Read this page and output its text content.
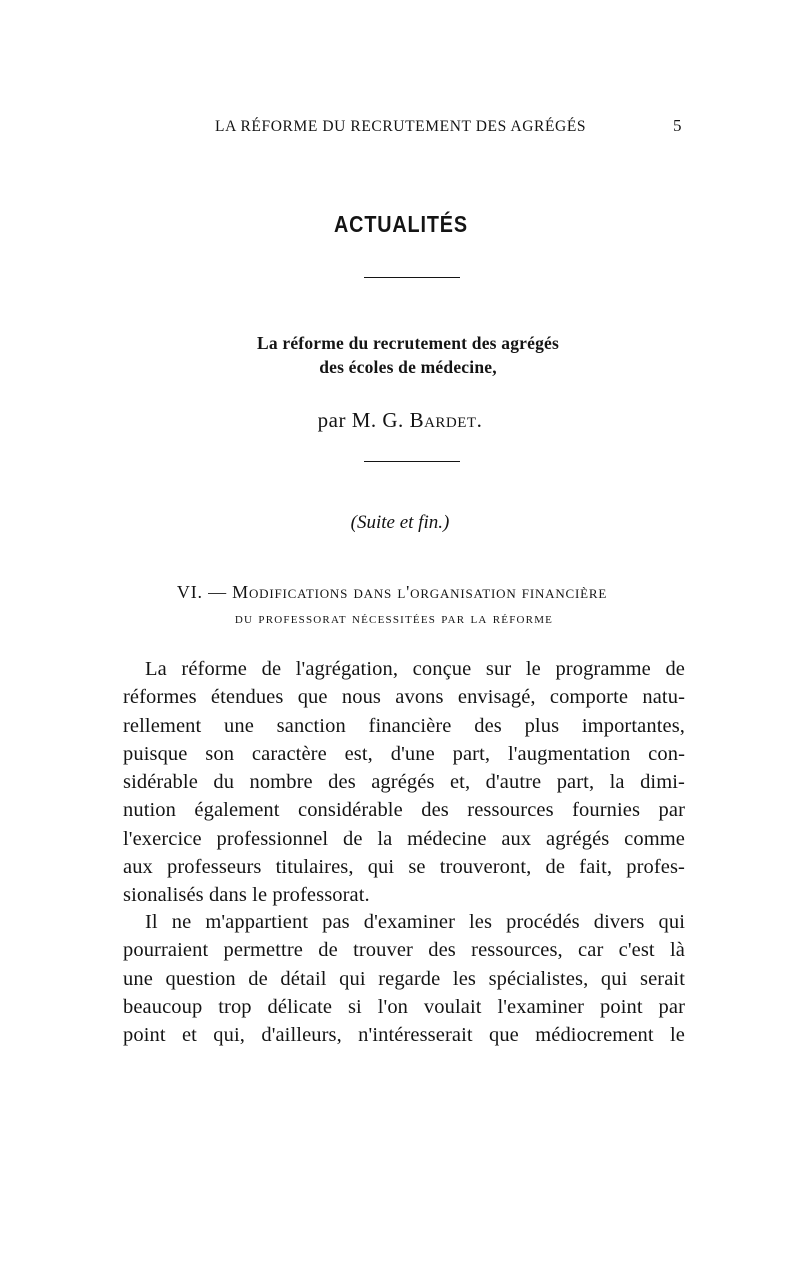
LA RÉFORME DU RECRUTEMENT DES AGRÉGÉS	5
ACTUALITÉS
La réforme du recrutement des agrégés
des écoles de médecine,
par M. G. Bardet.
(Suite et fin.)
VI. — Modifications dans l'organisation financière
du professorat nécessitées par la réforme
La réforme de l'agrégation, conçue sur le programme de
réformes étendues que nous avons envisagé, comporte natu-
rellement une sanction financière des plus importantes,
puisque son caractère est, d'une part, l'augmentation con-
sidérable du nombre des agrégés et, d'autre part, la dimi-
nution également considérable des ressources fournies par
l'exercice professionnel de la médecine aux agrégés comme
aux professeurs titulaires, qui se trouveront, de fait, profes-
sionalisés dans le professorat.
Il ne m'appartient pas d'examiner les procédés divers qui
pourraient permettre de trouver des ressources, car c'est là
une question de détail qui regarde les spécialistes, qui serait
beaucoup trop délicate si l'on voulait l'examiner point par
point et qui, d'ailleurs, n'intéresserait que médiocrement le
